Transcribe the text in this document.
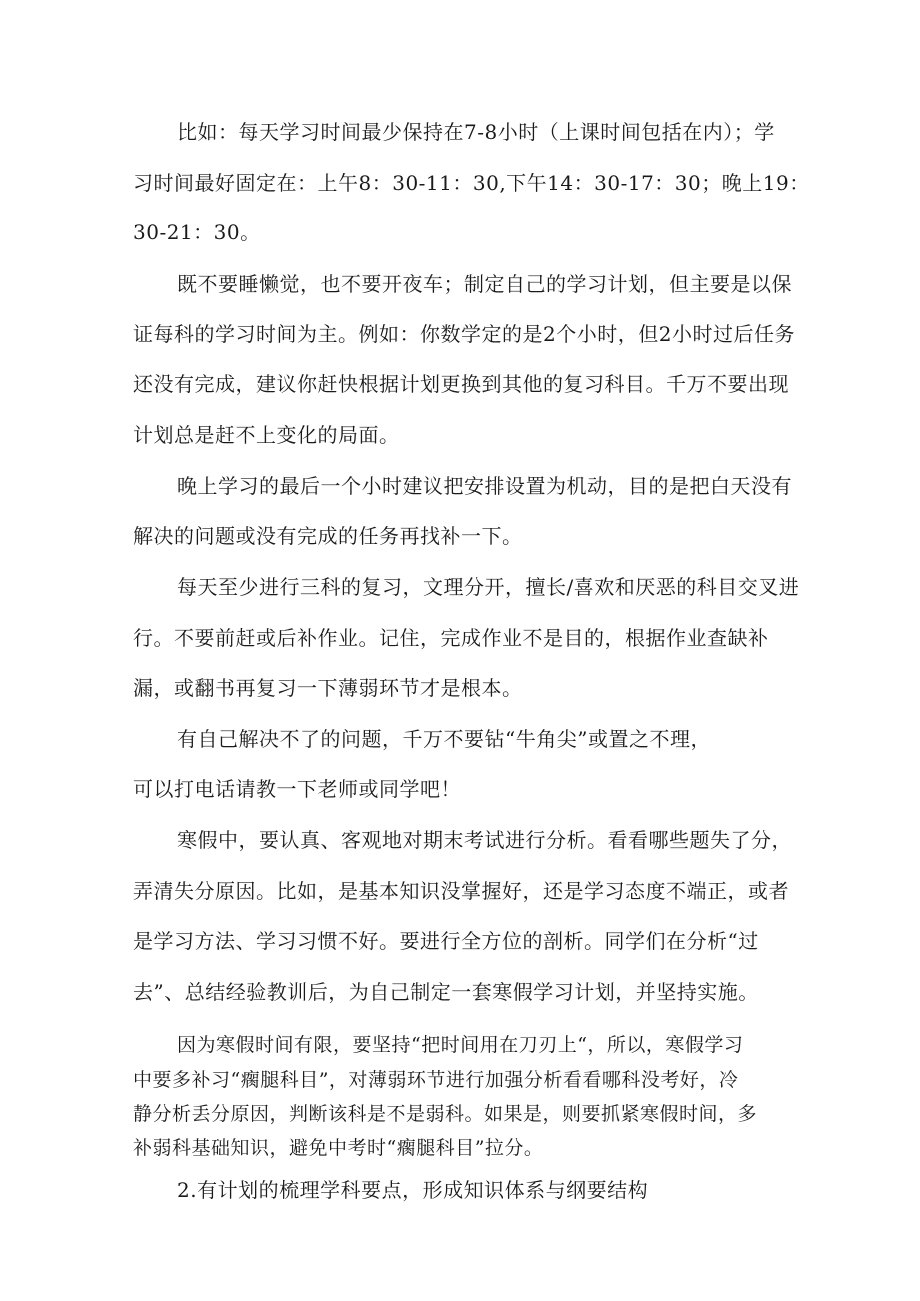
比如：每天学习时间最少保持在7-8小时（上课时间包括在内）；学
习时间最好固定在：上午8：30-11：30,下午14：30-17：30；晚上19：
30-21：30。
既不要睡懒觉，也不要开夜车；制定自己的学习计划，但主要是以保
证每科的学习时间为主。例如：你数学定的是2个小时，但2小时过后任务
还没有完成，建议你赶快根据计划更换到其他的复习科目。千万不要出现
计划总是赶不上变化的局面。
晚上学习的最后一个小时建议把安排设置为机动，目的是把白天没有
解决的问题或没有完成的任务再找补一下。
每天至少进行三科的复习，文理分开，擅长/喜欢和厌恶的科目交叉进
行。不要前赶或后补作业。记住，完成作业不是目的，根据作业查缺补
漏，或翻书再复习一下薄弱环节才是根本。
有自己解决不了的问题，千万不要钻“牛角尖”或置之不理，
可以打电话请教一下老师或同学吧！
寒假中，要认真、客观地对期末考试进行分析。看看哪些题失了分，
弄清失分原因。比如，是基本知识没掌握好，还是学习态度不端正，或者
是学习方法、学习习惯不好。要进行全方位的剖析。同学们在分析“过
去”、总结经验教训后，为自己制定一套寒假学习计划，并坚持实施。
因为寒假时间有限，要坚持“把时间用在刀刃上“，所以，寒假学习
中要多补习“瘸腿科目”，对薄弱环节进行加强分析看看哪科没考好，冷
静分析丢分原因，判断该科是不是弱科。如果是，则要抓紧寒假时间，多
补弱科基础知识，避免中考时“瘸腿科目”拉分。
2.有计划的梳理学科要点，形成知识体系与纲要结构
